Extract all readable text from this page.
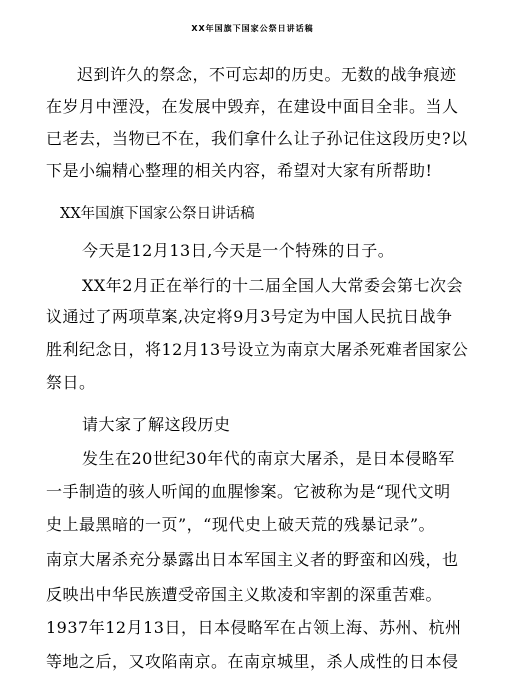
XX年国旗下国家公祭日讲话稿
迟到许久的祭念，不可忘却的历史。无数的战争痕迹
在岁月中湮没，在发展中毁弃，在建设中面目全非。当人
已老去，当物已不在，我们拿什么让子孙记住这段历史?以
下是小编精心整理的相关内容，希望对大家有所帮助!
XX年国旗下国家公祭日讲话稿
今天是12月13日,今天是一个特殊的日子。
XX年2月正在举行的十二届全国人大常委会第七次会
议通过了两项草案,决定将9月3号定为中国人民抗日战争
胜利纪念日，将12月13号设立为南京大屠杀死难者国家公
祭日。
请大家了解这段历史
发生在20世纪30年代的南京大屠杀，是日本侵略军
一手制造的骇人听闻的血腥惨案。它被称为是“现代文明
史上最黑暗的一页”，“现代史上破天荒的残暴记录”。
南京大屠杀充分暴露出日本军国主义者的野蛮和凶残，也
反映出中华民族遭受帝国主义欺凌和宰割的深重苦难。
1937年12月13日，日本侵略军在占领上海、苏州、杭州
等地之后，又攻陷南京。在南京城里，杀人成性的日本侵
